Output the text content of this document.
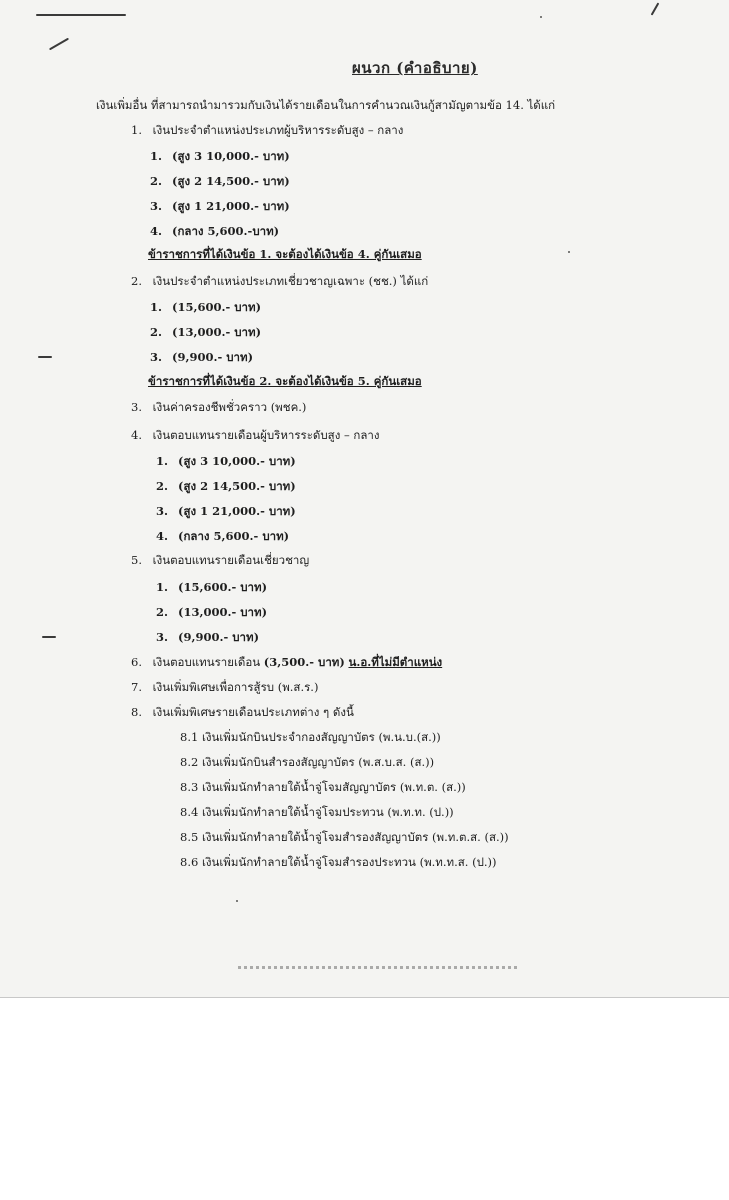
ผนวก (คำอธิบาย)
เงินเพิ่มอื่น ที่สามารถนำมารวมกับเงินได้รายเดือนในการคำนวณเงินกู้สามัญตามข้อ 14. ได้แก่
1. เงินประจำตำแหน่งประเภทผู้บริหารระดับสูง – กลาง
1. (สูง 3 10,000.- บาท)
2. (สูง 2 14,500.- บาท)
3. (สูง 1 21,000.- บาท)
4. (กลาง 5,600.-บาท)
ข้าราชการที่ได้เงินข้อ 1. จะต้องได้เงินข้อ 4. คู่กันเสมอ
2. เงินประจำตำแหน่งประเภทเชี่ยวชาญเฉพาะ (ชช.) ได้แก่
1. (15,600.- บาท)
2. (13,000.- บาท)
3. (9,900.- บาท)
ข้าราชการที่ได้เงินข้อ 2. จะต้องได้เงินข้อ 5. คู่กันเสมอ
3. เงินค่าครองชีพชั่วคราว (พชค.)
4. เงินตอบแทนรายเดือนผู้บริหารระดับสูง – กลาง
1. (สูง 3 10,000.- บาท)
2. (สูง 2 14,500.- บาท)
3. (สูง 1 21,000.- บาท)
4. (กลาง 5,600.- บาท)
5. เงินตอบแทนรายเดือนเชี่ยวชาญ
1. (15,600.- บาท)
2. (13,000.- บาท)
3. (9,900.- บาท)
6. เงินตอบแทนรายเดือน (3,500.- บาท) น.อ.ที่ไม่มีตำแหน่ง
7. เงินเพิ่มพิเศษเพื่อการสู้รบ (พ.ส.ร.)
8. เงินเพิ่มพิเศษรายเดือนประเภทต่าง ๆ ดังนี้
8.1 เงินเพิ่มนักบินประจำกองสัญญาบัตร (พ.น.บ.(ส.))
8.2 เงินเพิ่มนักบินสำรองสัญญาบัตร (พ.ส.บ.ส. (ส.))
8.3 เงินเพิ่มนักทำลายใต้น้ำจู่โจมสัญญาบัตร (พ.ท.ต. (ส.))
8.4 เงินเพิ่มนักทำลายใต้น้ำจู่โจมประทวน (พ.ท.ท. (ป.))
8.5 เงินเพิ่มนักทำลายใต้น้ำจู่โจมสำรองสัญญาบัตร (พ.ท.ต.ส. (ส.))
8.6 เงินเพิ่มนักทำลายใต้น้ำจู่โจมสำรองประทวน (พ.ท.ท.ส. (ป.))
